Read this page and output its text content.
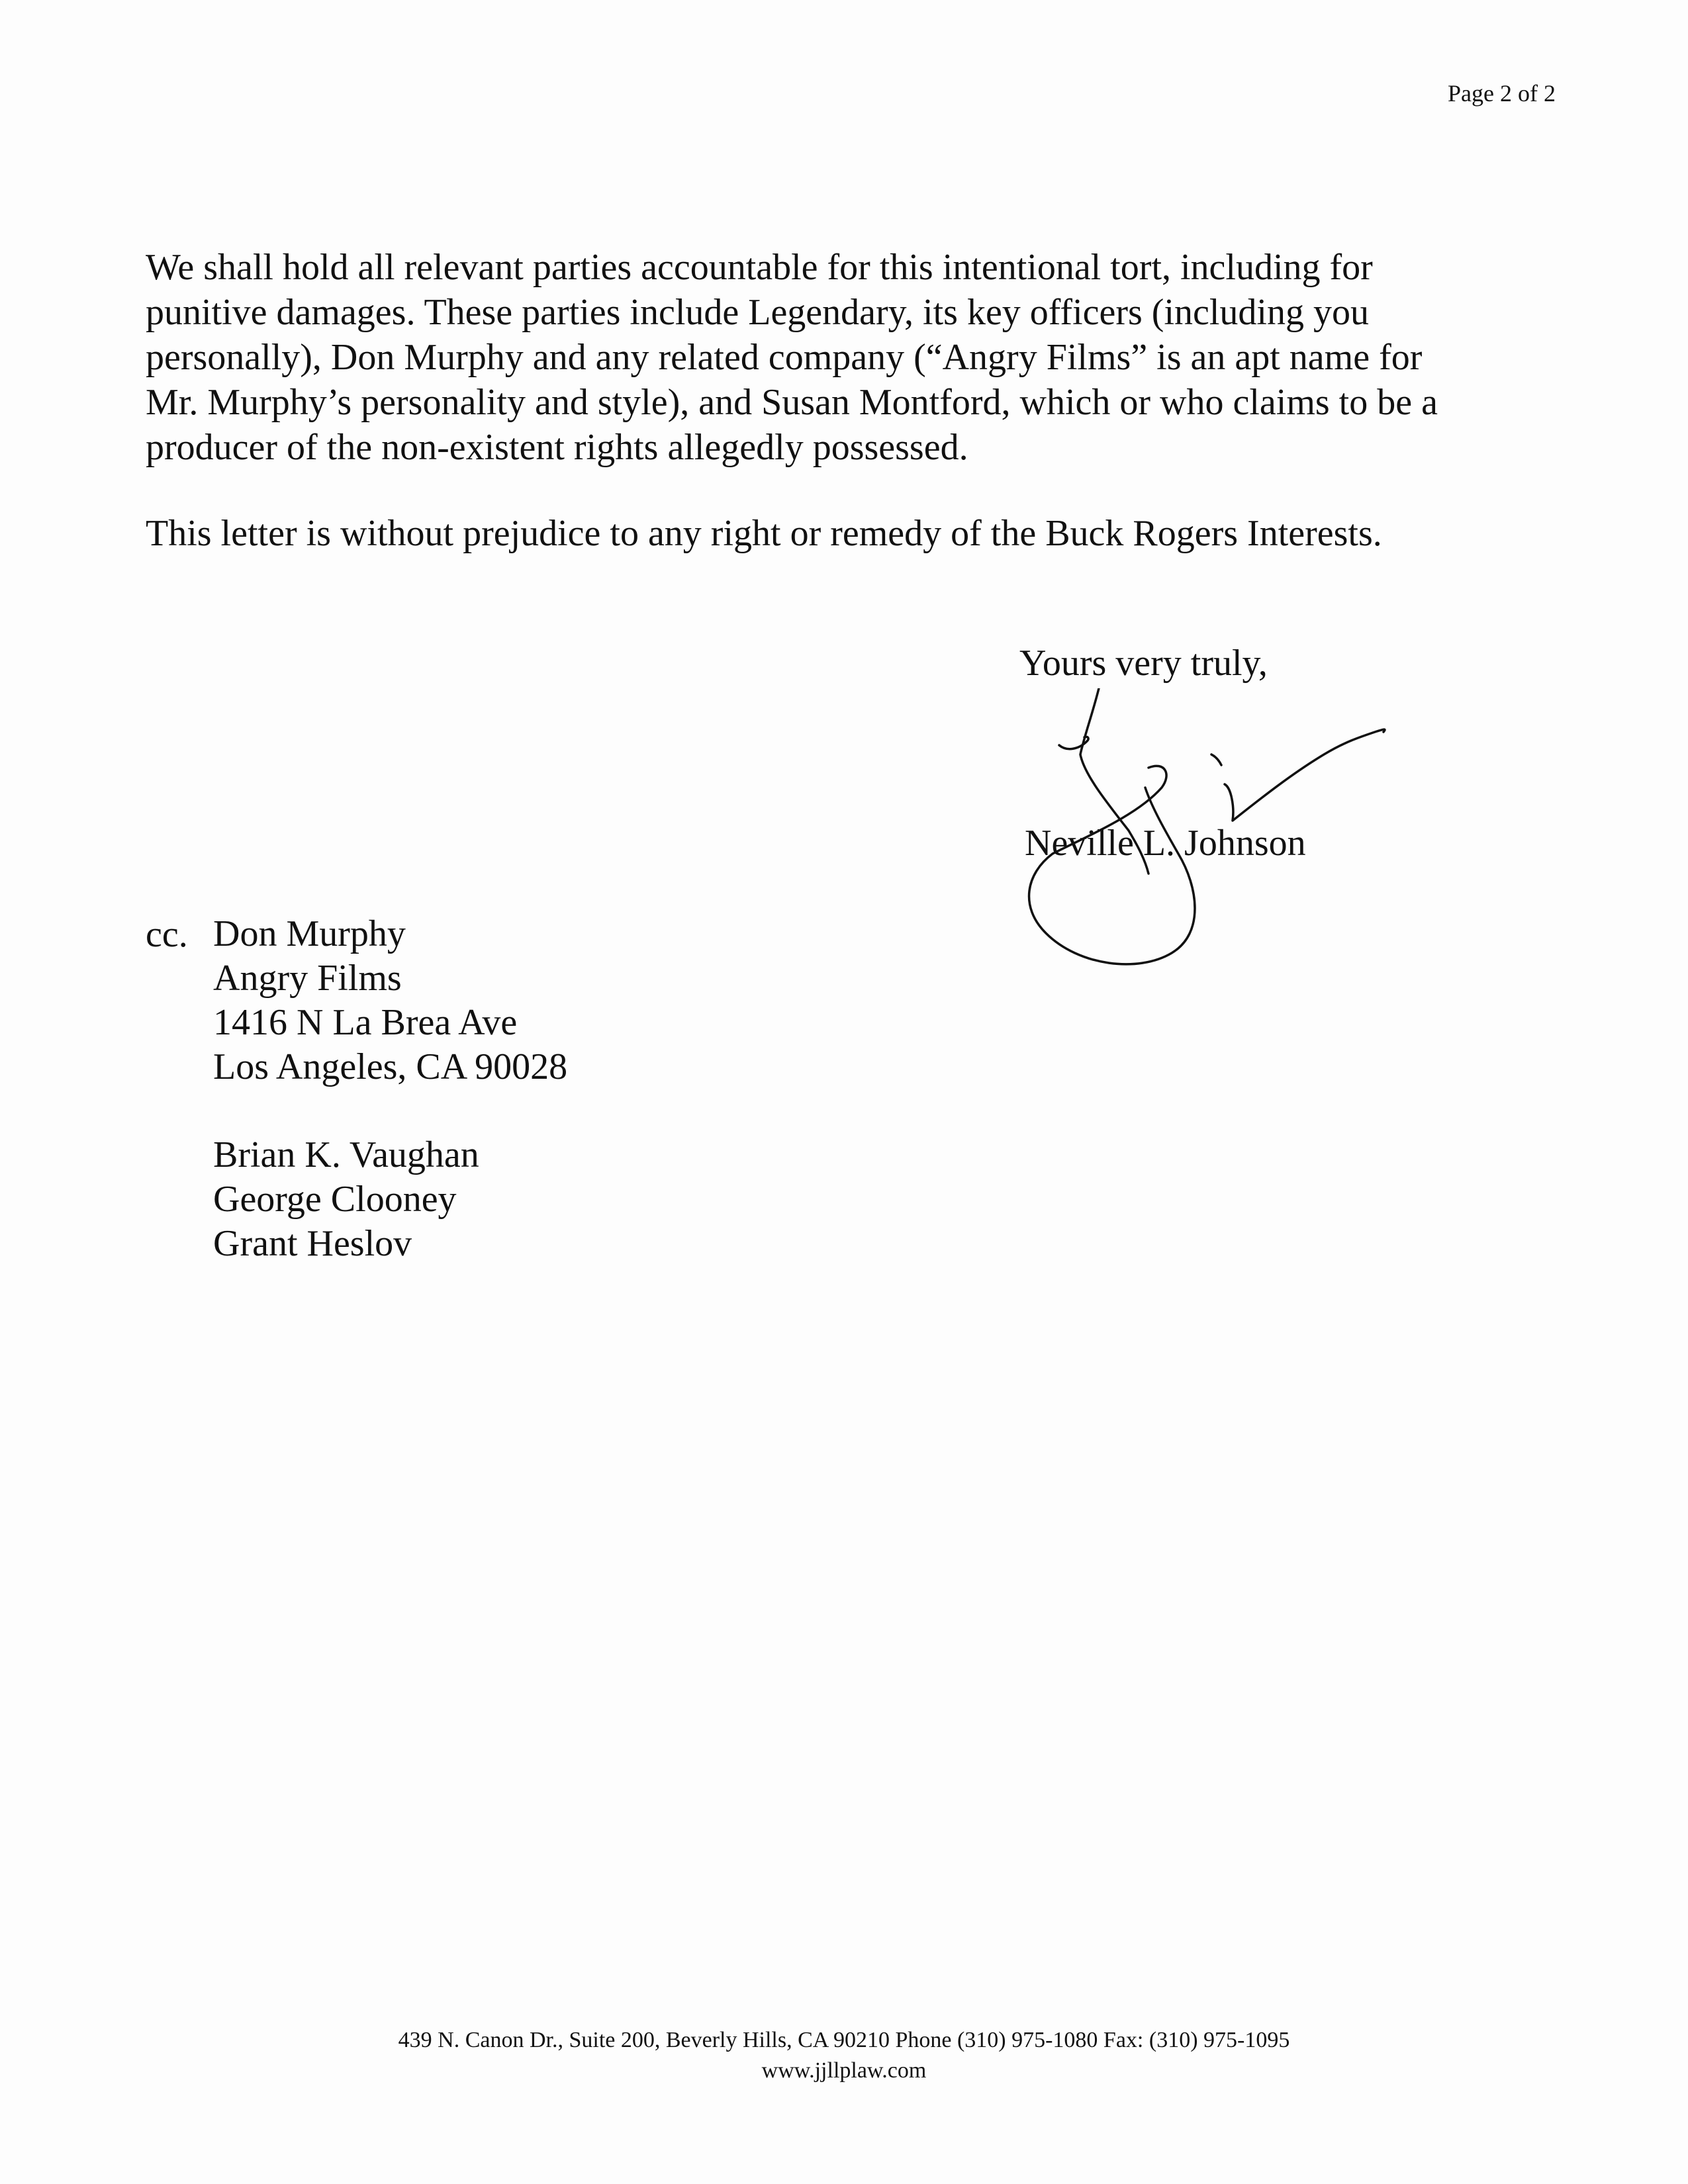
Page 2 of 2
We shall hold all relevant parties accountable for this intentional tort, including for
punitive damages. These parties include Legendary, its key officers (including you
personally), Don Murphy and any related company (“Angry Films” is an apt name for
Mr. Murphy’s personality and style), and Susan Montford, which or who claims to be a
producer of the non-existent rights allegedly possessed.
This letter is without prejudice to any right or remedy of the Buck Rogers Interests.
Yours very truly,
Neville L. Johnson
cc. Don Murphy
Angry Films
1416 N La Brea Ave
Los Angeles, CA 90028
Brian K. Vaughan
George Clooney
Grant Heslov
439 N. Canon Dr., Suite 200, Beverly Hills, CA 90210 Phone (310) 975-1080 Fax: (310) 975-1095
www.jjllplaw.com
